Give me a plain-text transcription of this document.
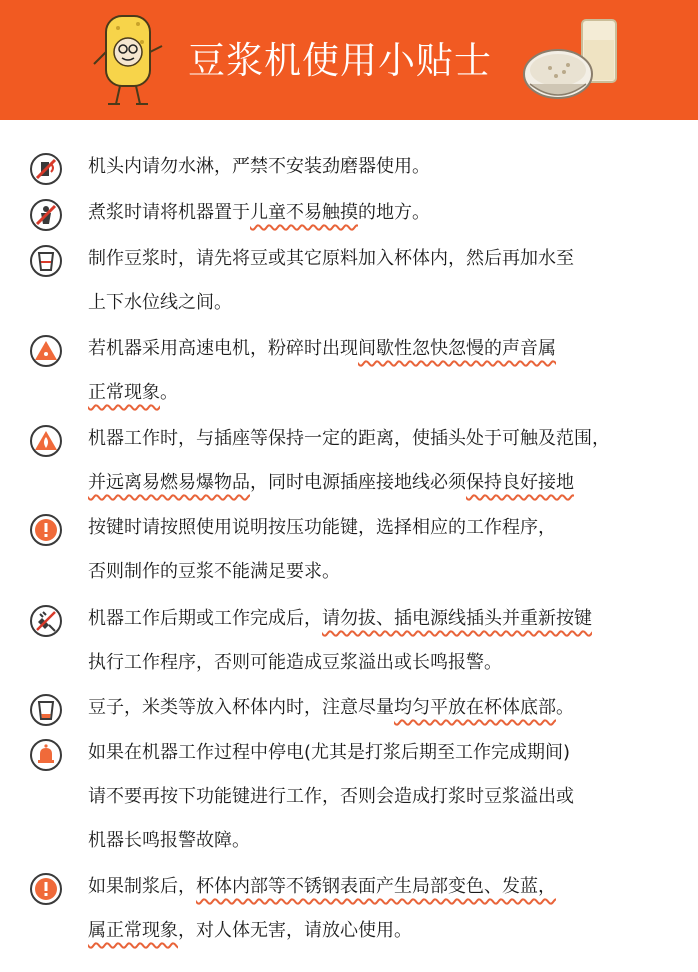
豆浆机使用小贴士
机头内请勿水淋，严禁不安装劲磨器使用。
煮浆时请将机器置于儿童不易触摸的地方。
制作豆浆时，请先将豆或其它原料加入杯体内，然后再加水至
上下水位线之间。
若机器采用高速电机，粉碎时出现间歇性忽快忽慢的声音属
正常现象。
机器工作时，与插座等保持一定的距离，使插头处于可触及范围，
并远离易燃易爆物品，同时电源插座接地线必须保持良好接地
按键时请按照使用说明按压功能键，选择相应的工作程序，
否则制作的豆浆不能满足要求。
机器工作后期或工作完成后，请勿拔、插电源线插头并重新按键
执行工作程序，否则可能造成豆浆溢出或长鸣报警。
豆子，米类等放入杯体内时，注意尽量均匀平放在杯体底部。
如果在机器工作过程中停电(尤其是打浆后期至工作完成期间)
请不要再按下功能键进行工作，否则会造成打浆时豆浆溢出或
机器长鸣报警故障。
如果制浆后，杯体内部等不锈钢表面产生局部变色、发蓝，
属正常现象，对人体无害，请放心使用。
